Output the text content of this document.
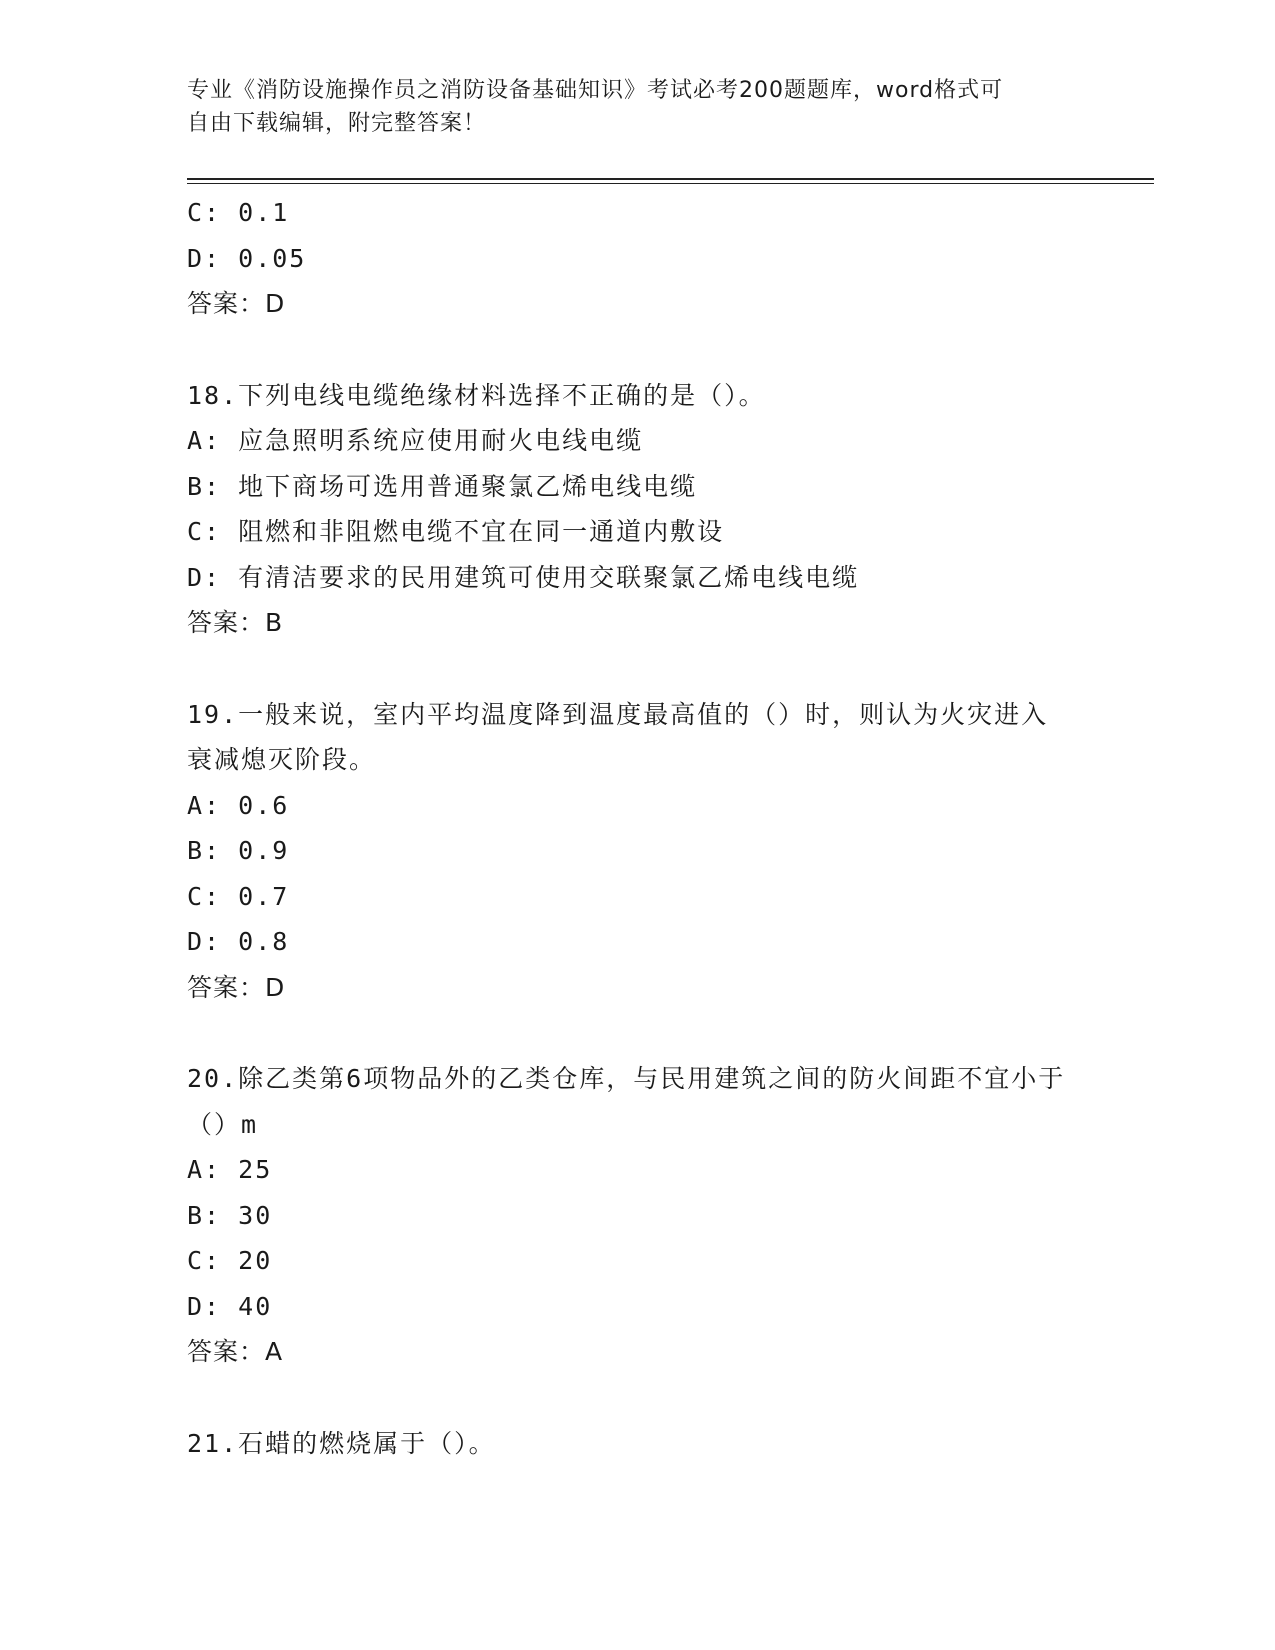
专业《消防设施操作员之消防设备基础知识》考试必考200题题库，word格式可
自由下载编辑，附完整答案！
C: 0.1
D: 0.05
答案：D
18.下列电线电缆绝缘材料选择不正确的是（）。
A: 应急照明系统应使用耐火电线电缆
B: 地下商场可选用普通聚氯乙烯电线电缆
C: 阻燃和非阻燃电缆不宜在同一通道内敷设
D: 有清洁要求的民用建筑可使用交联聚氯乙烯电线电缆
答案：B
19.一般来说，室内平均温度降到温度最高值的（）时，则认为火灾进入衰减熄灭阶段。
A: 0.6
B: 0.9
C: 0.7
D: 0.8
答案：D
20.除乙类第6项物品外的乙类仓库，与民用建筑之间的防火间距不宜小于（）m
A: 25
B: 30
C: 20
D: 40
答案：A
21.石蜡的燃烧属于（）。
